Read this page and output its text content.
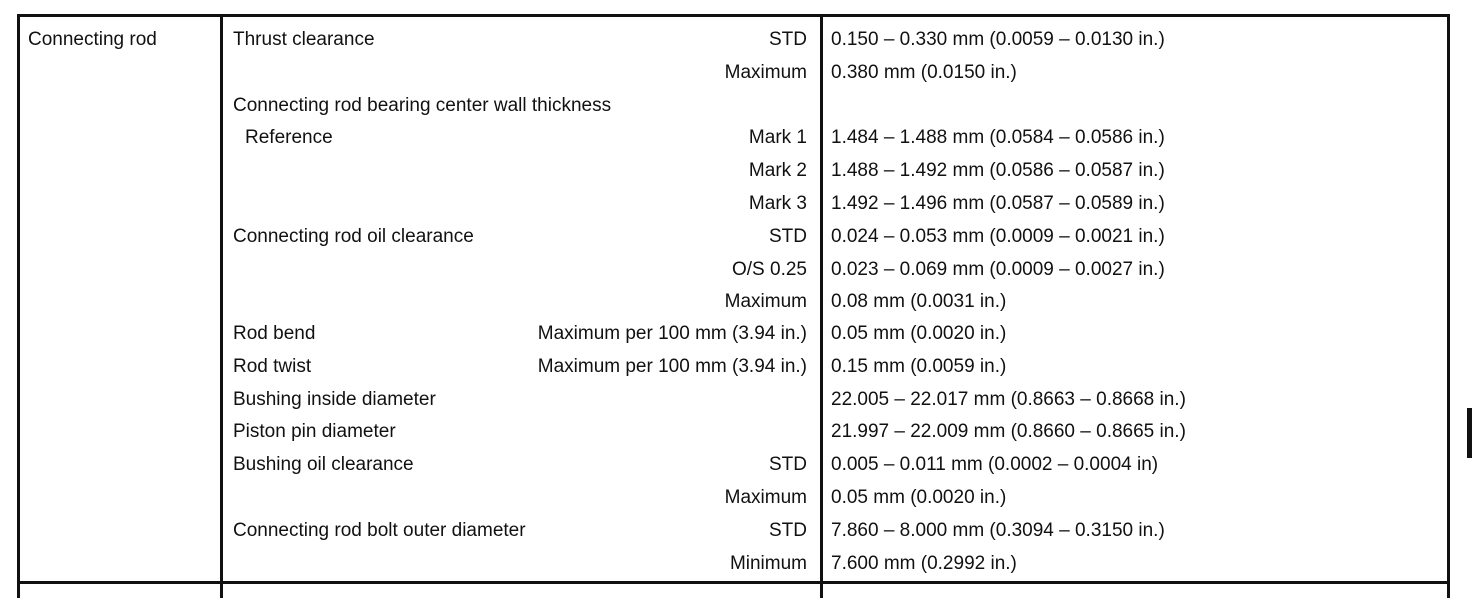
Connecting rod	Thrust clearance	STD 0.150 – 0.330 mm (0.0059 – 0.0130 in.)
Maximum 0.380 mm (0.0150 in.)
Connecting rod bearing center wall thickness
Reference	Mark 1 1.484 – 1.488 mm (0.0584 – 0.0586 in.)
Mark 2 1.488 – 1.492 mm (0.0586 – 0.0587 in.)
Mark 3 1.492 – 1.496 mm (0.0587 – 0.0589 in.)
Connecting rod oil clearance	STD 0.024 – 0.053 mm (0.0009 – 0.0021 in.)
O/S 0.25 0.023 – 0.069 mm (0.0009 – 0.0027 in.)
Maximum 0.08 mm (0.0031 in.)
Rod bend	Maximum per 100 mm (3.94 in.) 0.05 mm (0.0020 in.)
Rod twist	Maximum per 100 mm (3.94 in.) 0.15 mm (0.0059 in.)
Bushing inside diameter	22.005 – 22.017 mm (0.8663 – 0.8668 in.)
Piston pin diameter	21.997 – 22.009 mm (0.8660 – 0.8665 in.)
Bushing oil clearance	STD 0.005 – 0.011 mm (0.0002 – 0.0004 in)
Maximum 0.05 mm (0.0020 in.)
Connecting rod bolt outer diameter	STD 7.860 – 8.000 mm (0.3094 – 0.3150 in.)
Minimum 7.600 mm (0.2992 in.)
